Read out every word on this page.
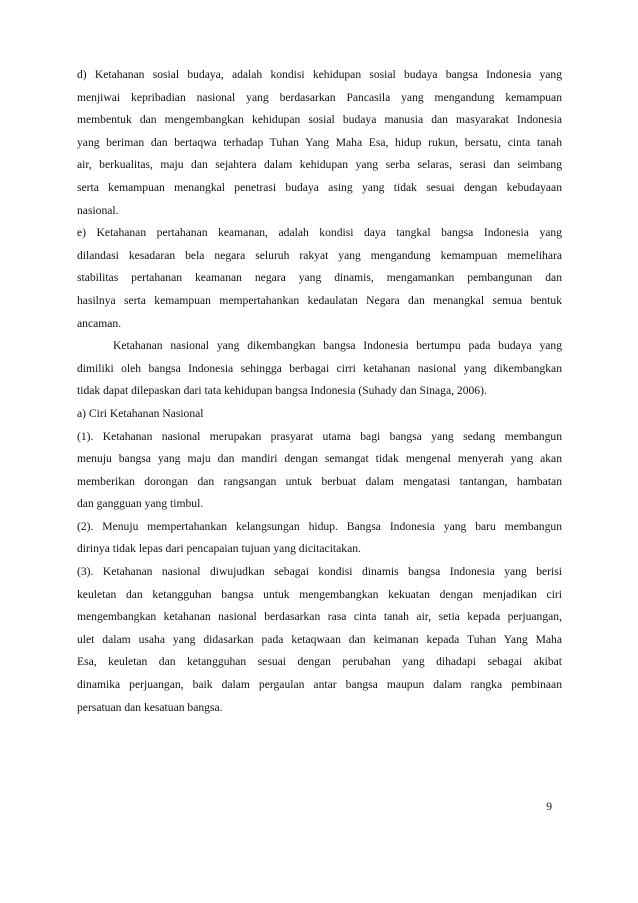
d) Ketahanan sosial budaya, adalah kondisi kehidupan sosial budaya bangsa Indonesia yang
menjiwai kepribadian nasional yang berdasarkan Pancasila yang mengandung kemampuan
membentuk dan mengembangkan kehidupan sosial budaya manusia dan masyarakat Indonesia
yang beriman dan bertaqwa terhadap Tuhan Yang Maha Esa, hidup rukun, bersatu, cinta tanah
air, berkualitas, maju dan sejahtera dalam kehidupan yang serba selaras, serasi dan seimbang
serta kemampuan menangkal penetrasi budaya asing yang tidak sesuai dengan kebudayaan
nasional.
e) Ketahanan pertahanan keamanan, adalah kondisi daya tangkal bangsa Indonesia yang
dilandasi kesadaran bela negara seluruh rakyat yang mengandung kemampuan memelihara
stabilitas pertahanan keamanan negara yang dinamis, mengamankan pembangunan dan
hasilnya serta kemampuan mempertahankan kedaulatan Negara dan menangkal semua bentuk
ancaman.
Ketahanan nasional yang dikembangkan bangsa Indonesia bertumpu pada budaya yang
dimiliki oleh bangsa Indonesia sehingga berbagai cirri ketahanan nasional yang dikembangkan
tidak dapat dilepaskan dari tata kehidupan bangsa Indonesia (Suhady dan Sinaga, 2006).
a) Ciri Ketahanan Nasional
(1). Ketahanan nasional merupakan prasyarat utama bagi bangsa yang sedang membangun
menuju bangsa yang maju dan mandiri dengan semangat tidak mengenal menyerah yang akan
memberikan dorongan dan rangsangan untuk berbuat dalam mengatasi tantangan, hambatan
dan gangguan yang timbul.
(2). Menuju mempertahankan kelangsungan hidup. Bangsa Indonesia yang baru membangun
dirinya tidak lepas dari pencapaian tujuan yang dicitacitakan.
(3). Ketahanan nasional diwujudkan sebagai kondisi dinamis bangsa Indonesia yang berisi
keuletan dan ketangguhan bangsa untuk mengembangkan kekuatan dengan menjadikan ciri
mengembangkan ketahanan nasional berdasarkan rasa cinta tanah air, setia kepada perjuangan,
ulet dalam usaha yang didasarkan pada ketaqwaan dan keimanan kepada Tuhan Yang Maha
Esa, keuletan dan ketangguhan sesuai dengan perubahan yang dihadapi sebagai akibat
dinamika perjuangan, baik dalam pergaulan antar bangsa maupun dalam rangka pembinaan
persatuan dan kesatuan bangsa.
9
